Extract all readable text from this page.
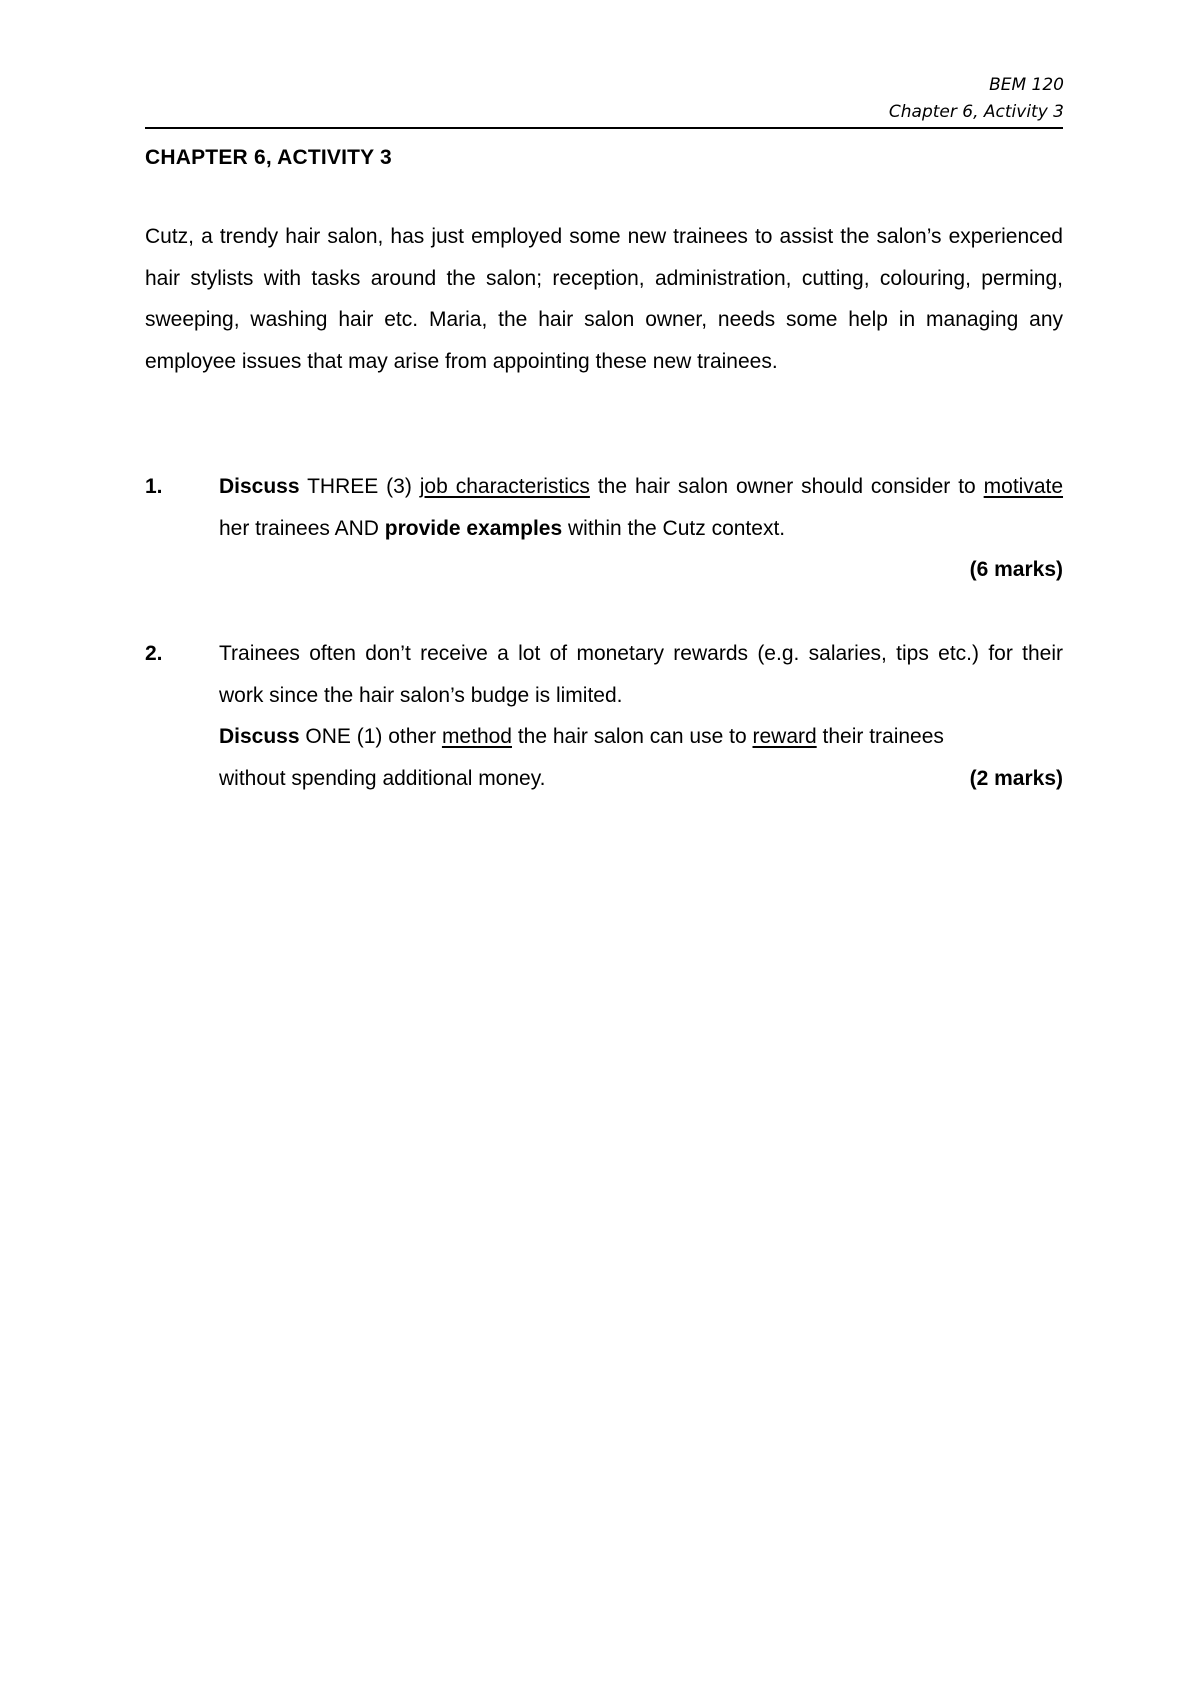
BEM 120
Chapter 6, Activity 3
CHAPTER 6, ACTIVITY 3
Cutz, a trendy hair salon, has just employed some new trainees to assist the salon’s experienced hair stylists with tasks around the salon; reception, administration, cutting, colouring, perming, sweeping, washing hair etc. Maria, the hair salon owner, needs some help in managing any employee issues that may arise from appointing these new trainees.
1.	Discuss THREE (3) job characteristics the hair salon owner should consider to motivate her trainees AND provide examples within the Cutz context.
(6 marks)
2.	Trainees often don’t receive a lot of monetary rewards (e.g. salaries, tips etc.) for their work since the hair salon’s budge is limited.
Discuss ONE (1) other method the hair salon can use to reward their trainees
without spending additional money.	(2 marks)
